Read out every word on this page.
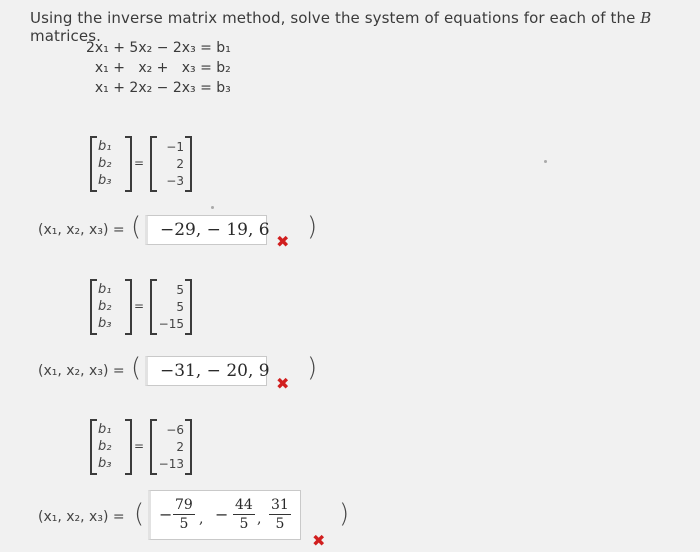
Using the inverse matrix method, solve the system of equations for each of the B matrices.
2x₁ + 5x₂ − 2x₃ = b₁
x₁ +   x₂ +   x₃ = b₂
x₁ + 2x₂ − 2x₃ = b₃
b₁
b₂
b₃
=
−1
2
−3
(x₁, x₂, x₃) = (	−29, − 19, 6
✖ )
b₁
b₂
b₃
=
5
5
−15
(x₁, x₂, x₃) = (	−31, − 20, 9
✖
)
b₁
b₂
b₃
=
−6
2
−13
(x₁, x₂, x₃) = ( − $\frac{79}{5}$ , − $\frac{44}{5}$ , $\frac{31}{5}$
✖
)
